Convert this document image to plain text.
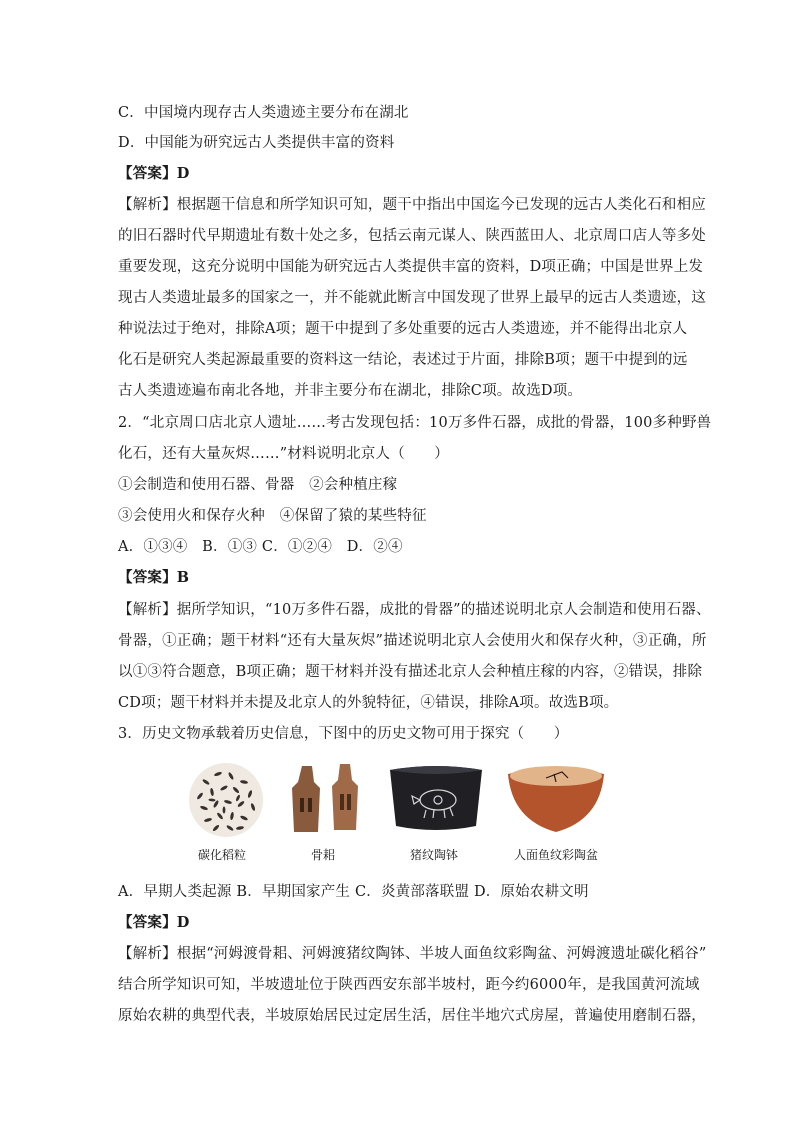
C．中国境内现存古人类遗迹主要分布在湖北
D．中国能为研究远古人类提供丰富的资料
【答案】D
【解析】根据题干信息和所学知识可知，题干中指出中国迄今已发现的远古人类化石和相应
的旧石器时代早期遗址有数十处之多，包括云南元谋人、陕西蓝田人、北京周口店人等多处
重要发现，这充分说明中国能为研究远古人类提供丰富的资料，D项正确；中国是世界上发
现古人类遗址最多的国家之一，并不能就此断言中国发现了世界上最早的远古人类遗迹，这
种说法过于绝对，排除A项；题干中提到了多处重要的远古人类遗迹，并不能得出北京人
化石是研究人类起源最重要的资料这一结论，表述过于片面，排除B项；题干中提到的远
古人类遗迹遍布南北各地，并非主要分布在湖北，排除C项。故选D项。
2．“北京周口店北京人遗址……考古发现包括：10万多件石器，成批的骨器，100多种野兽
化石，还有大量灰烬……”材料说明北京人（　　）
①会制造和使用石器、骨器　②会种植庄稼
③会使用火和保存火种　④保留了猿的某些特征
A．①③④　B．①③ C．①②④　D．②④
【答案】B
【解析】据所学知识，“10万多件石器，成批的骨器”的描述说明北京人会制造和使用石器、
骨器，①正确；题干材料“还有大量灰烬”描述说明北京人会使用火和保存火种，③正确，所
以①③符合题意，B项正确；题干材料并没有描述北京人会种植庄稼的内容，②错误，排除
CD项；题干材料并未提及北京人的外貌特征，④错误，排除A项。故选B项。
3．历史文物承载着历史信息，下图中的历史文物可用于探究（　　）
碳化稻粒	骨耜	猪纹陶钵	人面鱼纹彩陶盆
A．早期人类起源 B．早期国家产生 C．炎黄部落联盟 D．原始农耕文明
【答案】D
【解析】根据“河姆渡骨耜、河姆渡猪纹陶钵、半坡人面鱼纹彩陶盆、河姆渡遗址碳化稻谷”
结合所学知识可知，半坡遗址位于陕西西安东部半坡村，距今约6000年，是我国黄河流域
原始农耕的典型代表，半坡原始居民过定居生活，居住半地穴式房屋，普遍使用磨制石器，
